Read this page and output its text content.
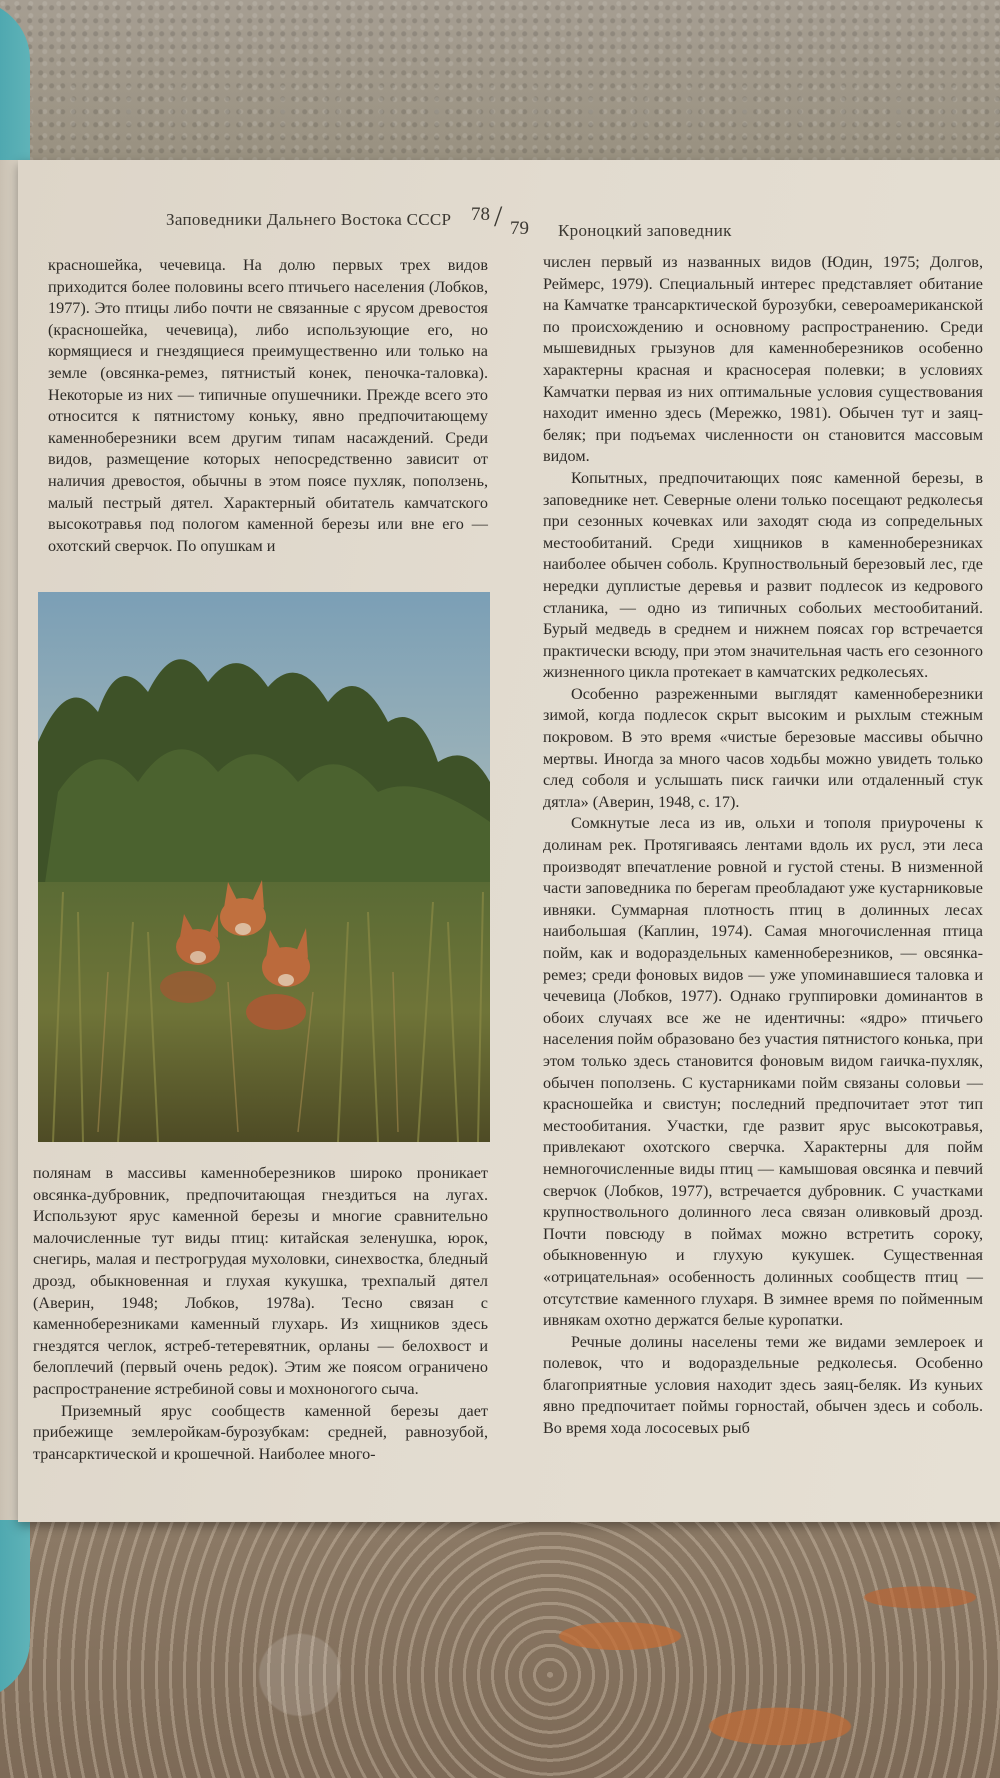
Заповедники Дальнего Востока СССР 78 / 79 Кроноцкий заповедник

красношейка, чечевица. На долю первых трех видов приходится более половины всего птичьего населения (Лобков, 1977). Это птицы либо почти не связанные с ярусом древостоя (красношейка, чечевица), либо использующие его, но кормящиеся и гнездящиеся преимущественно или только на земле (овсянка-ремез, пятнистый конек, пеночка-таловка). Некоторые из них — типичные опушечники. Прежде всего это относится к пятнистому коньку, явно предпочитающему каменноберезники всем другим типам насаждений. Среди видов, размещение которых непосредственно зависит от наличия древостоя, обычны в этом поясе пухляк, поползень, малый пестрый дятел. Характерный обитатель камчатского высокотравья под пологом каменной березы или вне его — охотский сверчок. По опушкам и

полянам в массивы каменноберезников широко проникает овсянка-дубровник, предпочитающая гнездиться на лугах. Используют ярус каменной березы и многие сравнительно малочисленные тут виды птиц: китайская зеленушка, юрок, снегирь, малая и пестрогрудая мухоловки, синехвостка, бледный дрозд, обыкновенная и глухая кукушка, трехпалый дятел (Аверин, 1948; Лобков, 1978а). Тесно связан с каменноберезниками каменный глухарь. Из хищников здесь гнездятся чеглок, ястреб-тетеревятник, орланы — белохвост и белоплечий (первый очень редок). Этим же поясом ограничено распространение ястребиной совы и мохноногого сыча.

Приземный ярус сообществ каменной березы дает прибежище землеройкам-бурозубкам: средней, равнозубой, трансарктической и крошечной. Наиболее много-

числен первый из названных видов (Юдин, 1975; Долгов, Реймерс, 1979). Специальный интерес представляет обитание на Камчатке трансарктической бурозубки, североамериканской по происхождению и основному распространению. Среди мышевидных грызунов для каменноберезников особенно характерны красная и красносерая полевки; в условиях Камчатки первая из них оптимальные условия существования находит именно здесь (Мережко, 1981). Обычен тут и заяц-беляк; при подъемах численности он становится массовым видом.

Копытных, предпочитающих пояс каменной березы, в заповеднике нет. Северные олени только посещают редколесья при сезонных кочевках или заходят сюда из сопредельных местообитаний. Среди хищников в каменноберезниках наиболее обычен соболь. Крупноствольный березовый лес, где нередки дуплистые деревья и развит подлесок из кедрового стланика, — одно из типичных собольих местообитаний. Бурый медведь в среднем и нижнем поясах гор встречается практически всюду, при этом значительная часть его сезонного жизненного цикла протекает в камчатских редколесьях.

Особенно разреженными выглядят каменноберезники зимой, когда подлесок скрыт высоким и рыхлым стежным покровом. В это время «чистые березовые массивы обычно мертвы. Иногда за много часов ходьбы можно увидеть только след соболя и услышать писк гаички или отдаленный стук дятла» (Аверин, 1948, с. 17).

Сомкнутые леса из ив, ольхи и тополя приурочены к долинам рек. Протягиваясь лентами вдоль их русл, эти леса производят впечатление ровной и густой стены. В низменной части заповедника по берегам преобладают уже кустарниковые ивняки. Суммарная плотность птиц в долинных лесах наибольшая (Каплин, 1974). Самая многочисленная птица пойм, как и водораздельных каменноберезников, — овсянка-ремез; среди фоновых видов — уже упоминавшиеся таловка и чечевица (Лобков, 1977). Однако группировки доминантов в обоих случаях все же не идентичны: «ядро» птичьего населения пойм образовано без участия пятнистого конька, при этом только здесь становится фоновым видом гаичка-пухляк, обычен поползень. С кустарниками пойм связаны соловьи — красношейка и свистун; последний предпочитает этот тип местообитания. Участки, где развит ярус высокотравья, привлекают охотского сверчка. Характерны для пойм немногочисленные виды птиц — камышовая овсянка и певчий сверчок (Лобков, 1977), встречается дубровник. С участками крупноствольного долинного леса связан оливковый дрозд. Почти повсюду в поймах можно встретить сороку, обыкновенную и глухую кукушек. Существенная «отрицательная» особенность долинных сообществ птиц — отсутствие каменного глухаря. В зимнее время по пойменным ивнякам охотно держатся белые куропатки.

Речные долины населены теми же видами землероек и полевок, что и водораздельные редколесья. Особенно благоприятные условия находит здесь заяц-беляк. Из куньих явно предпочитает поймы горностай, обычен здесь и соболь. Во время хода лососевых рыб
